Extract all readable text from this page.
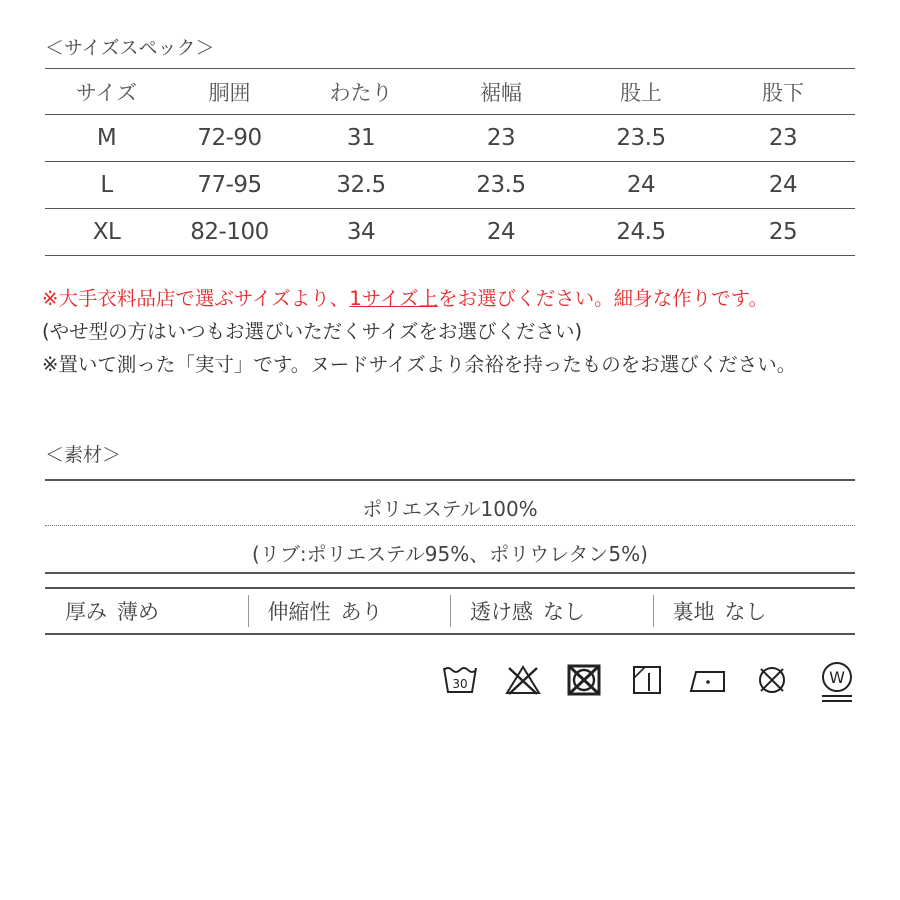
＜サイズスペック＞
サイズ	胴囲	わたり	裾幅	股上	股下
M	72-90	31	23	23.5	23
L	77-95	32.5	23.5	24	24
XL	82-100	34	24	24.5	25
※大手衣料品店で選ぶサイズより、1サイズ上をお選びください。細身な作りです。
(やせ型の方はいつもお選びいただくサイズをお選びください)
※置いて測った「実寸」です。ヌードサイズより余裕を持ったものをお選びください。
＜素材＞
ポリエステル100%
(リブ:ポリエステル95%、ポリウレタン5%)
厚み 薄め	伸縮性 あり	透け感 なし	裏地 なし
30	W
